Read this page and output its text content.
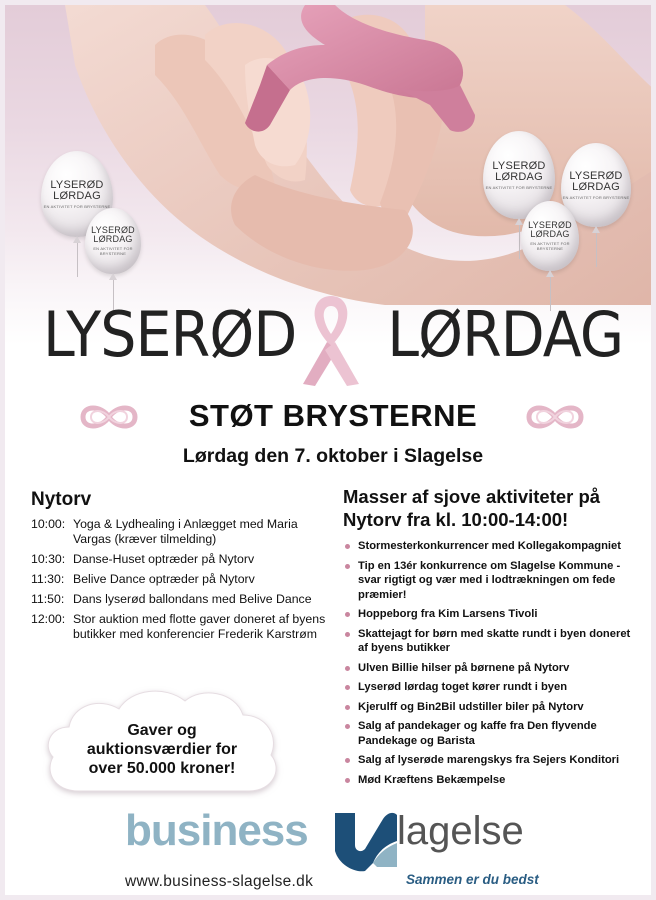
LYSERØD
LØRDAG
EN AKTIVITET FOR BRYSTERNE
LYSERØD
LØRDAG
EN AKTIVITET FOR BRYSTERNE
LYSERØD
LØRDAG
EN AKTIVITET FOR BRYSTERNE
LYSERØD
LØRDAG
EN AKTIVITET FOR BRYSTERNE
LYSERØD
LØRDAG
EN AKTIVITET FOR BRYSTERNE
LYSERØD LØRDAG
STØT BRYSTERNE
Lørdag den 7. oktober i Slagelse
Nytorv
10:00: Yoga & Lydhealing i Anlægget med Maria Vargas (kræver tilmelding)
10:30: Danse-Huset optræder på Nytorv
11:30: Belive Dance optræder på Nytorv
11:50: Dans lyserød ballondans med Belive Dance
12:00: Stor auktion med flotte gaver doneret af byens butikker med konferencier Frederik Karstrøm
Gaver og
auktionsværdier for
over 50.000 kroner!
Masser af sjove aktiviteter på
Nytorv fra kl. 10:00-14:00!
Stormesterkonkurrencer med Kollegakompagniet
Tip en 13ér konkurrence om Slagelse Kommune - svar rigtigt og vær med i lodtrækningen om fede præmier!
Hoppeborg fra Kim Larsens Tivoli
Skattejagt for børn med skatte rundt i byen doneret af byens butikker
Ulven Billie hilser på børnene på Nytorv
Lyserød lørdag toget kører rundt i byen
Kjerulff og Bin2Bil udstiller biler på Nytorv
Salg af pandekager og kaffe fra Den flyvende Pandekage og Barista
Salg af lyserøde marengskys fra Sejers Konditori
Mød Kræftens Bekæmpelse
business lagelse
www.business-slagelse.dk	Sammen er du bedst
